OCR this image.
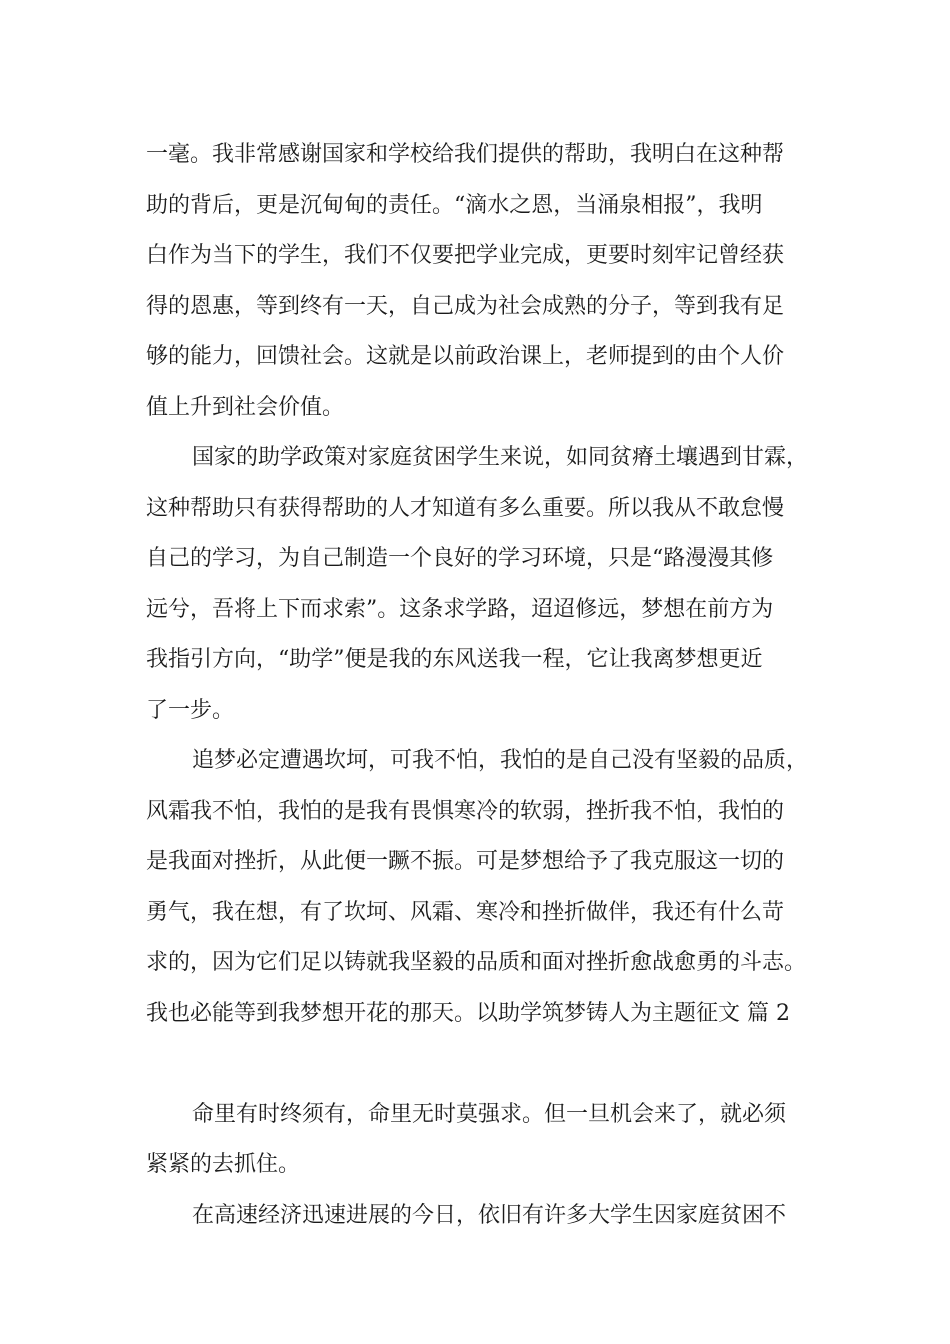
一毫。我非常感谢国家和学校给我们提供的帮助，我明白在这种帮
助的背后，更是沉甸甸的责任。“滴水之恩，当涌泉相报”，我明
白作为当下的学生，我们不仅要把学业完成，更要时刻牢记曾经获
得的恩惠，等到终有一天，自己成为社会成熟的分子，等到我有足
够的能力，回馈社会。这就是以前政治课上，老师提到的由个人价
值上升到社会价值。
国家的助学政策对家庭贫困学生来说，如同贫瘠土壤遇到甘霖，
这种帮助只有获得帮助的人才知道有多么重要。所以我从不敢怠慢
自己的学习，为自己制造一个良好的学习环境，只是“路漫漫其修
远兮，吾将上下而求索”。这条求学路，迢迢修远，梦想在前方为
我指引方向，“助学”便是我的东风送我一程，它让我离梦想更近
了一步。
追梦必定遭遇坎坷，可我不怕，我怕的是自己没有坚毅的品质，
风霜我不怕，我怕的是我有畏惧寒冷的软弱，挫折我不怕，我怕的
是我面对挫折，从此便一蹶不振。可是梦想给予了我克服这一切的
勇气，我在想，有了坎坷、风霜、寒冷和挫折做伴，我还有什么苛
求的，因为它们足以铸就我坚毅的品质和面对挫折愈战愈勇的斗志。
我也必能等到我梦想开花的那天。以助学筑梦铸人为主题征文 篇 2
命里有时终须有，命里无时莫强求。但一旦机会来了，就必须
紧紧的去抓住。
在高速经济迅速进展的今日，依旧有许多大学生因家庭贫困不
